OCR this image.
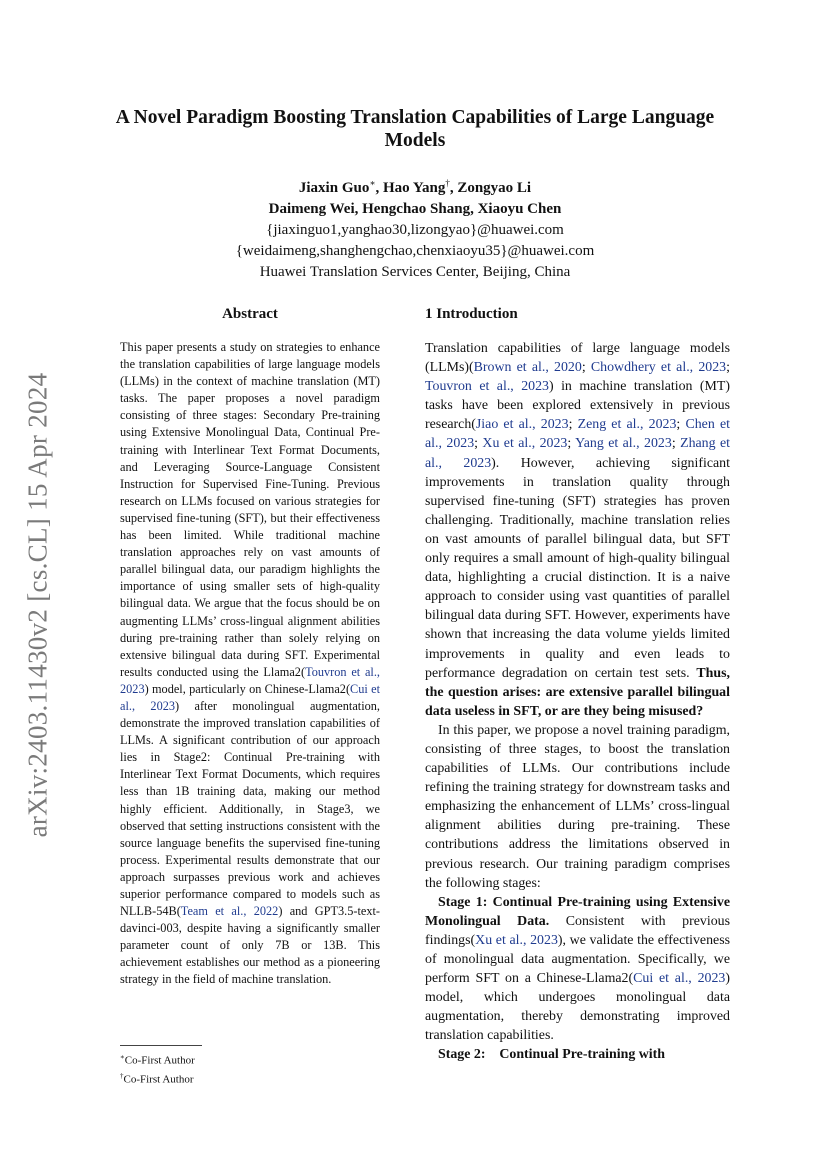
arXiv:2403.11430v2 [cs.CL] 15 Apr 2024
A Novel Paradigm Boosting Translation Capabilities of Large Language Models
Jiaxin Guo∗, Hao Yang†, Zongyao Li
Daimeng Wei, Hengchao Shang, Xiaoyu Chen
{jiaxinguo1,yanghao30,lizongyao}@huawei.com
{weidaimeng,shanghengchao,chenxiaoyu35}@huawei.com
Huawei Translation Services Center, Beijing, China
Abstract

This paper presents a study on strategies to enhance the translation capabilities of large language models (LLMs) in the context of machine translation (MT) tasks. The paper proposes a novel paradigm consisting of three stages: Secondary Pre-training using Extensive Monolingual Data, Continual Pre-training with Interlinear Text Format Documents, and Leveraging Source-Language Consistent Instruction for Supervised Fine-Tuning. Previous research on LLMs focused on various strategies for supervised fine-tuning (SFT), but their effectiveness has been limited. While traditional machine translation approaches rely on vast amounts of parallel bilingual data, our paradigm highlights the importance of using smaller sets of high-quality bilingual data. We argue that the focus should be on augmenting LLMs’ cross-lingual alignment abilities during pre-training rather than solely relying on extensive bilingual data during SFT. Experimental results conducted using the Llama2(Touvron et al., 2023) model, particularly on Chinese-Llama2(Cui et al., 2023) after monolingual augmentation, demonstrate the improved translation capabilities of LLMs. A significant contribution of our approach lies in Stage2: Continual Pre-training with Interlinear Text Format Documents, which requires less than 1B training data, making our method highly efficient. Additionally, in Stage3, we observed that setting instructions consistent with the source language benefits the supervised fine-tuning process. Experimental results demonstrate that our approach surpasses previous work and achieves superior performance compared to models such as NLLB-54B(Team et al., 2022) and GPT3.5-text-davinci-003, despite having a significantly smaller parameter count of only 7B or 13B. This achievement establishes our method as a pioneering strategy in the field of machine translation.

∗Co-First Author
†Co-First Author
1 Introduction

Translation capabilities of large language models (LLMs)(Brown et al., 2020; Chowdhery et al., 2023; Touvron et al., 2023) in machine translation (MT) tasks have been explored extensively in previous research(Jiao et al., 2023; Zeng et al., 2023; Chen et al., 2023; Xu et al., 2023; Yang et al., 2023; Zhang et al., 2023). However, achieving significant improvements in translation quality through supervised fine-tuning (SFT) strategies has proven challenging. Traditionally, machine translation relies on vast amounts of parallel bilingual data, but SFT only requires a small amount of high-quality bilingual data, highlighting a crucial distinction. It is a naive approach to consider using vast quantities of parallel bilingual data during SFT. However, experiments have shown that increasing the data volume yields limited improvements in quality and even leads to performance degradation on certain test sets. Thus, the question arises: are extensive parallel bilingual data useless in SFT, or are they being misused?

In this paper, we propose a novel training paradigm, consisting of three stages, to boost the translation capabilities of LLMs. Our contributions include refining the training strategy for downstream tasks and emphasizing the enhancement of LLMs’ cross-lingual alignment abilities during pre-training. These contributions address the limitations observed in previous research. Our training paradigm comprises the following stages:

Stage 1: Continual Pre-training using Extensive Monolingual Data. Consistent with previous findings(Xu et al., 2023), we validate the effectiveness of monolingual data augmentation. Specifically, we perform SFT on a Chinese-Llama2(Cui et al., 2023) model, which undergoes monolingual data augmentation, thereby demonstrating improved translation capabilities.

Stage 2:    Continual Pre-training with
